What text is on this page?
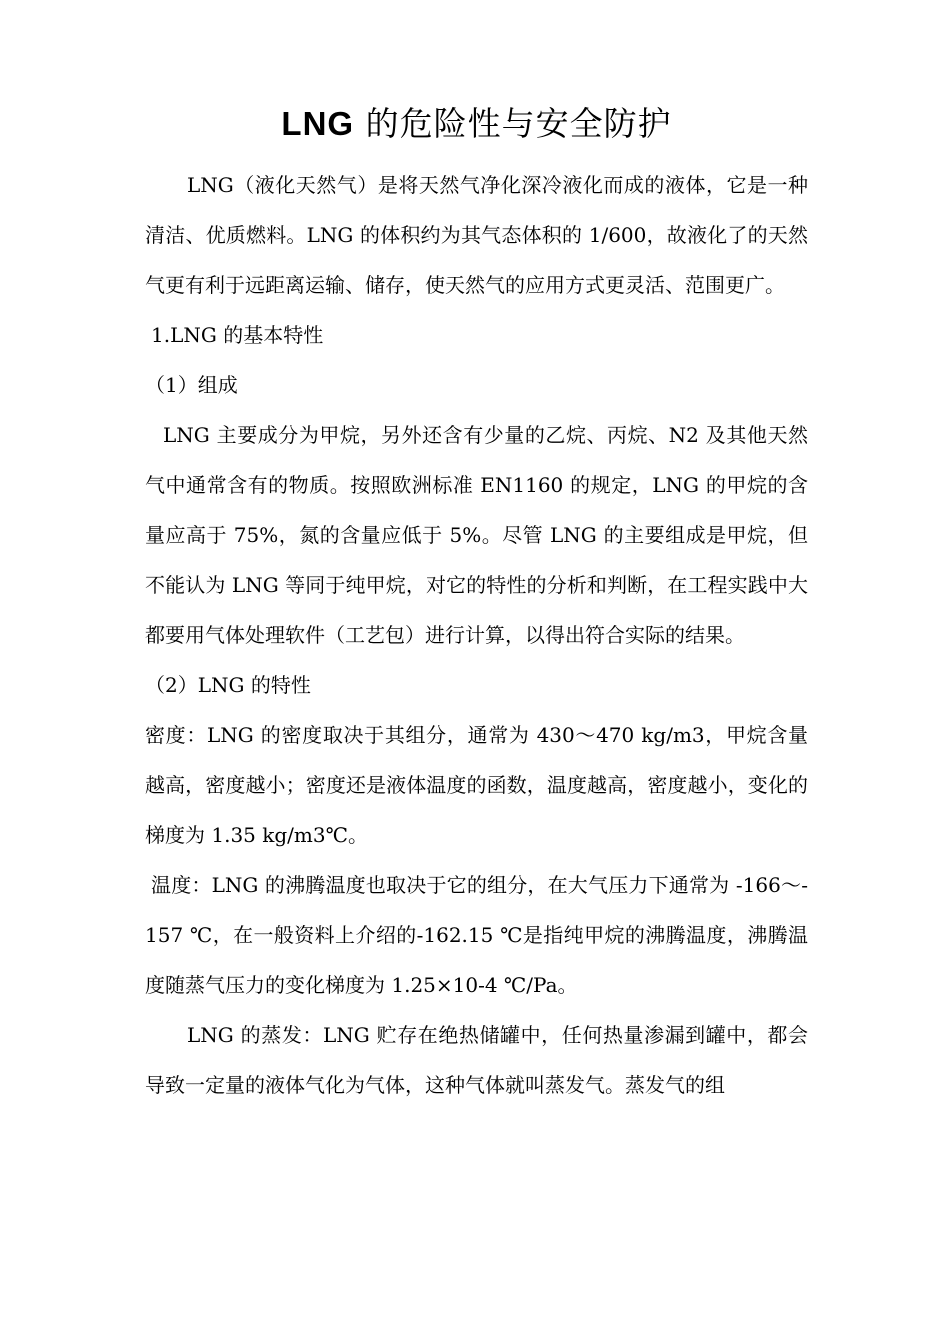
LNG 的危险性与安全防护

LNG（液化天然气）是将天然气净化深冷液化而成的液体，它是一种清洁、优质燃料。LNG 的体积约为其气态体积的 1/600，故液化了的天然气更有利于远距离运输、储存，使天然气的应用方式更灵活、范围更广。

1.LNG 的基本特性

（1）组成

LNG 主要成分为甲烷，另外还含有少量的乙烷、丙烷、N2 及其他天然气中通常含有的物质。按照欧洲标准 EN1160 的规定，LNG 的甲烷的含量应高于 75%，氮的含量应低于 5%。尽管 LNG 的主要组成是甲烷，但不能认为 LNG 等同于纯甲烷，对它的特性的分析和判断，在工程实践中大都要用气体处理软件（工艺包）进行计算，以得出符合实际的结果。

（2）LNG 的特性

密度：LNG 的密度取决于其组分，通常为 430～470 kg/m3，甲烷含量越高，密度越小；密度还是液体温度的函数，温度越高，密度越小，变化的梯度为 1.35 kg/m3℃。

温度：LNG 的沸腾温度也取决于它的组分，在大气压力下通常为 -166～-157 ℃，在一般资料上介绍的-162.15 ℃是指纯甲烷的沸腾温度，沸腾温度随蒸气压力的变化梯度为 1.25×10-4 ℃/Pa。

LNG 的蒸发：LNG 贮存在绝热储罐中，任何热量渗漏到罐中，都会导致一定量的液体气化为气体，这种气体就叫蒸发气。蒸发气的组
